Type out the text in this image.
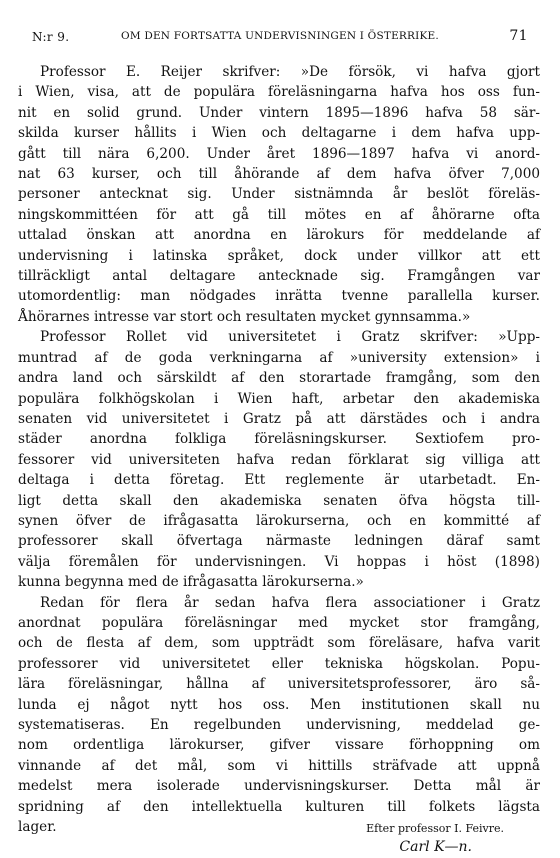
N:r 9.	OM DEN FORTSATTA UNDERVISNINGEN I ÖSTERRIKE.	71

Professor E. Reijer skrifver: »De försök, vi hafva gjort
i Wien, visa, att de populära föreläsningarna hafva hos oss fun-
nit en solid grund. Under vintern 1895—1896 hafva 58 sär-
skilda kurser hållits i Wien och deltagarne i dem hafva upp-
gått till nära 6,200. Under året 1896—1897 hafva vi anord-
nat 63 kurser, och till åhörande af dem hafva öfver 7,000
personer antecknat sig. Under sistnämnda år beslöt föreläs-
ningskommittéen för att gå till mötes en af åhörarne ofta
uttalad önskan att anordna en lärokurs för meddelande af
undervisning i latinska språket, dock under villkor att ett
tillräckligt antal deltagare antecknade sig. Framgången var
utomordentlig: man nödgades inrätta tvenne parallella kurser.
Åhörarnes intresse var stort och resultaten mycket gynnsamma.»

Professor Rollet vid universitetet i Gratz skrifver: »Upp-
muntrad af de goda verkningarna af »university extension» i
andra land och särskildt af den storartade framgång, som den
populära folkhögskolan i Wien haft, arbetar den akademiska
senaten vid universitetet i Gratz på att därstädes och i andra
städer anordna folkliga föreläsningskurser. Sextiofem pro-
fessorer vid universiteten hafva redan förklarat sig villiga att
deltaga i detta företag. Ett reglemente är utarbetadt. En-
ligt detta skall den akademiska senaten öfva högsta till-
synen öfver de ifrågasatta lärokurserna, och en kommitté af
professorer skall öfvertaga närmaste ledningen däraf samt
välja föremålen för undervisningen. Vi hoppas i höst (1898)
kunna begynna med de ifrågasatta lärokurserna.»

Redan för flera år sedan hafva flera associationer i Gratz
anordnat populära föreläsningar med mycket stor framgång,
och de flesta af dem, som uppträdt som föreläsare, hafva varit
professorer vid universitetet eller tekniska högskolan. Popu-
lära föreläsningar, hållna af universitetsprofessorer, äro så-
lunda ej något nytt hos oss. Men institutionen skall nu
systematiseras. En regelbunden undervisning, meddelad ge-
nom ordentliga lärokurser, gifver vissare förhoppning om
vinnande af det mål, som vi hittills sträfvade att uppnå
medelst mera isolerade undervisningskurser. Detta mål är
spridning af den intellektuella kulturen till folkets lägsta

lager.	Efter professor I. Feivre.
Carl K—n.
